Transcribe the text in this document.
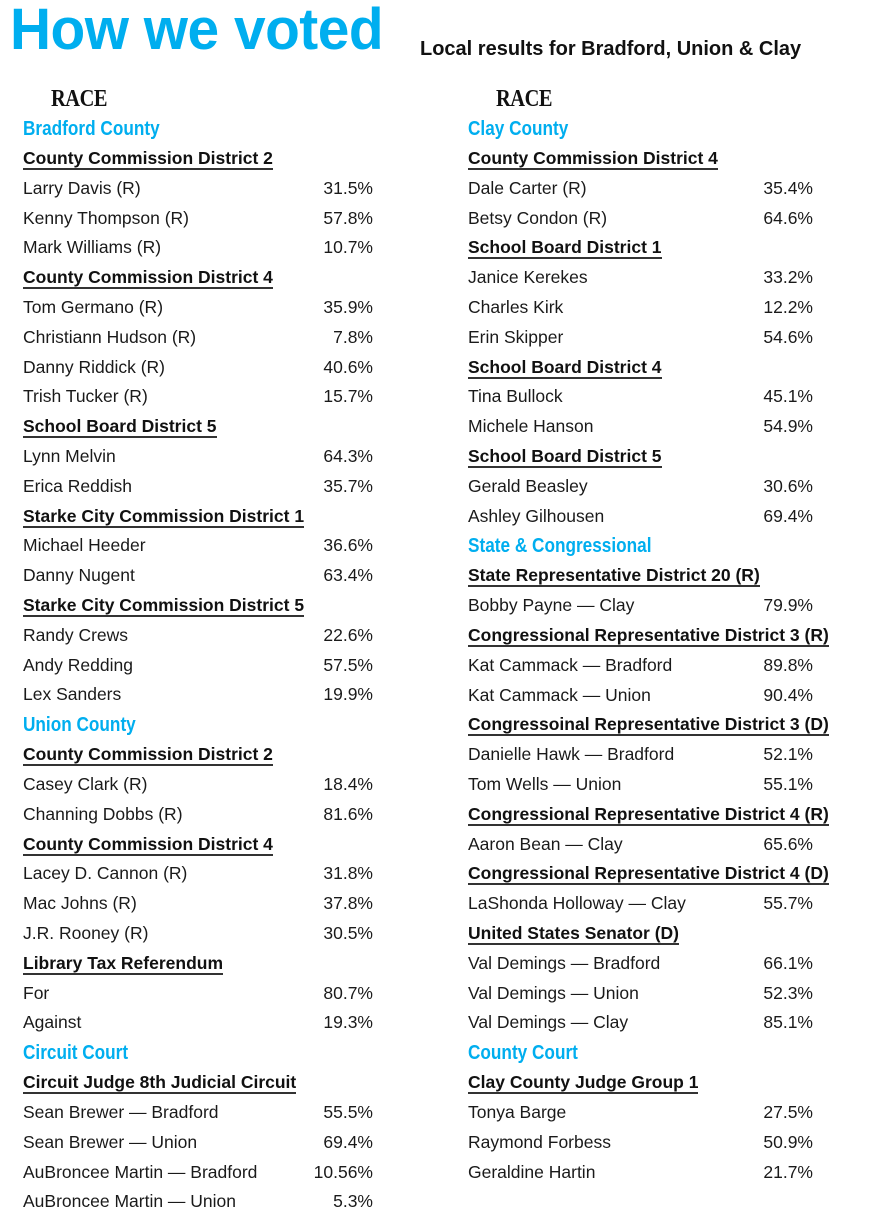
How we voted Local results for Bradford, Union & Clay
RACE
Bradford County
County Commission District 2
Larry Davis (R)	31.5%
Kenny Thompson (R)	57.8%
Mark Williams (R)	10.7%
County Commission District 4
Tom Germano (R)	35.9%
Christiann Hudson (R)	7.8%
Danny Riddick (R)	40.6%
Trish Tucker (R)	15.7%
School Board District 5
Lynn Melvin	64.3%
Erica Reddish	35.7%
Starke City Commission District 1
Michael Heeder	36.6%
Danny Nugent	63.4%
Starke City Commission District 5
Randy Crews	22.6%
Andy Redding	57.5%
Lex Sanders	19.9%
Union County
County Commission District 2
Casey Clark (R)	18.4%
Channing Dobbs (R)	81.6%
County Commission District 4
Lacey D. Cannon (R)	31.8%
Mac Johns (R)	37.8%
J.R. Rooney (R)	30.5%
Library Tax Referendum
For	80.7%
Against	19.3%
Circuit Court
Circuit Judge 8th Judicial Circuit
Sean Brewer — Bradford	55.5%
Sean Brewer — Union	69.4%
AuBroncee Martin — Bradford	10.56%
AuBroncee Martin — Union	5.3%
RACE
Clay County
County Commission District 4
Dale Carter (R)	35.4%
Betsy Condon (R)	64.6%
School Board District 1
Janice Kerekes	33.2%
Charles Kirk	12.2%
Erin Skipper	54.6%
School Board District 4
Tina Bullock	45.1%
Michele Hanson	54.9%
School Board District 5
Gerald Beasley	30.6%
Ashley Gilhousen	69.4%
State & Congressional
State Representative District 20 (R)
Bobby Payne — Clay	79.9%
Congressional Representative District 3 (R)
Kat Cammack — Bradford	89.8%
Kat Cammack — Union	90.4%
Congressoinal Representative District 3 (D)
Danielle Hawk — Bradford	52.1%
Tom Wells — Union	55.1%
Congressional Representative District 4 (R)
Aaron Bean — Clay	65.6%
Congressional Representative District 4 (D)
LaShonda Holloway — Clay	55.7%
United States Senator (D)
Val Demings — Bradford	66.1%
Val Demings — Union	52.3%
Val Demings — Clay	85.1%
County Court
Clay County Judge Group 1
Tonya Barge	27.5%
Raymond Forbess	50.9%
Geraldine Hartin	21.7%
